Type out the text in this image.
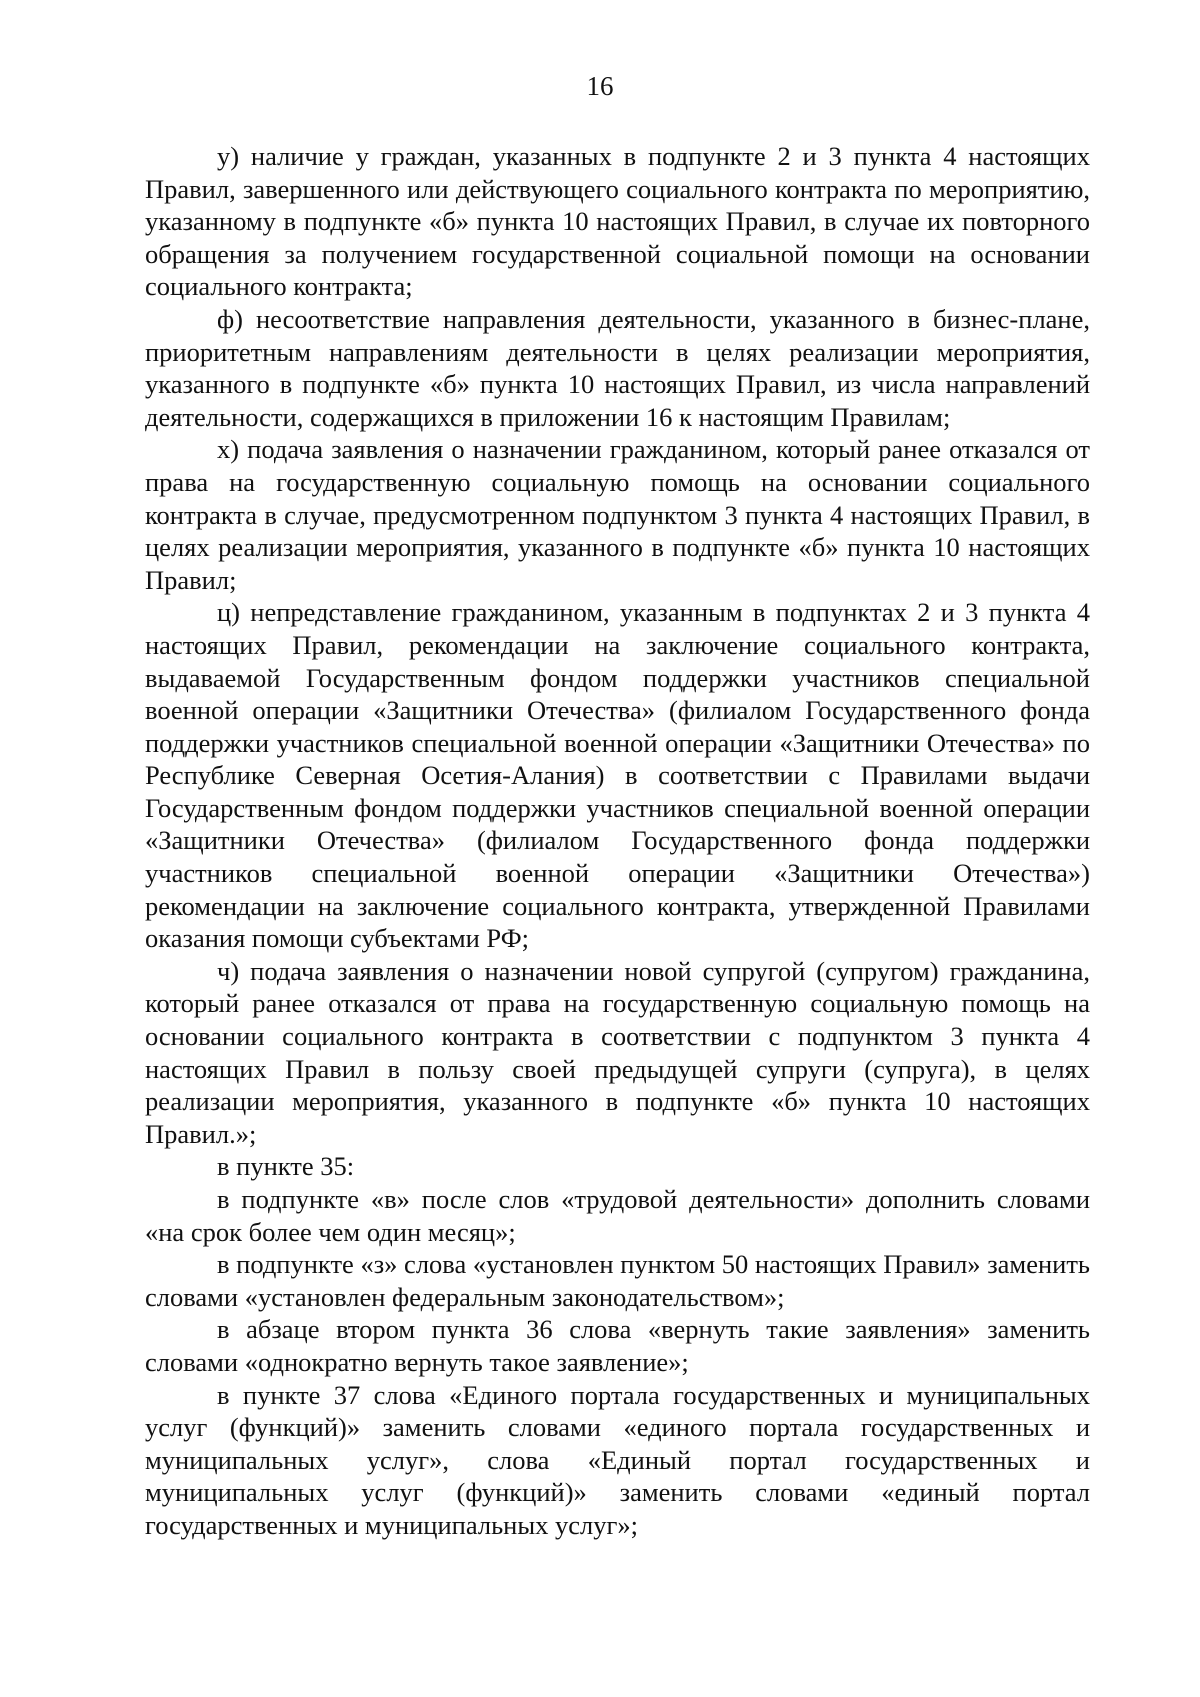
16

у) наличие у граждан, указанных в подпункте 2 и 3 пункта 4 настоящих Правил, завершенного или действующего социального контракта по мероприятию, указанному в подпункте «б» пункта 10 настоящих Правил, в случае их повторного обращения за получением государственной социальной помощи на основании социального контракта;

ф) несоответствие направления деятельности, указанного в бизнес-плане, приоритетным направлениям деятельности в целях реализации мероприятия, указанного в подпункте «б» пункта 10 настоящих Правил, из числа направлений деятельности, содержащихся в приложении 16 к настоящим Правилам;

х) подача заявления о назначении гражданином, который ранее отказался от права на государственную социальную помощь на основании социального контракта в случае, предусмотренном подпунктом 3 пункта 4 настоящих Правил, в целях реализации мероприятия, указанного в подпункте «б» пункта 10 настоящих Правил;

ц) непредставление гражданином, указанным в подпунктах 2 и 3 пункта 4 настоящих Правил, рекомендации на заключение социального контракта, выдаваемой Государственным фондом поддержки участников специальной военной операции «Защитники Отечества» (филиалом Государственного фонда поддержки участников специальной военной операции «Защитники Отечества» по Республике Северная Осетия-Алания) в соответствии с Правилами выдачи Государственным фондом поддержки участников специальной военной операции «Защитники Отечества» (филиалом Государственного фонда поддержки участников специальной военной операции «Защитники Отечества») рекомендации на заключение социального контракта, утвержденной Правилами оказания помощи субъектами РФ;

ч) подача заявления о назначении новой супругой (супругом) гражданина, который ранее отказался от права на государственную социальную помощь на основании социального контракта в соответствии с подпунктом 3 пункта 4 настоящих Правил в пользу своей предыдущей супруги (супруга), в целях реализации мероприятия, указанного в подпункте «б» пункта 10 настоящих Правил.»;

в пункте 35:

в подпункте «в» после слов «трудовой деятельности» дополнить словами «на срок более чем один месяц»;

в подпункте «з» слова «установлен пунктом 50 настоящих Правил» заменить словами «установлен федеральным законодательством»;

в абзаце втором пункта 36 слова «вернуть такие заявления» заменить словами «однократно вернуть такое заявление»;

в пункте 37 слова «Единого портала государственных и муниципальных услуг (функций)» заменить словами «единого портала государственных и муниципальных услуг», слова «Единый портал государственных и муниципальных услуг (функций)» заменить словами «единый портал государственных и муниципальных услуг»;
